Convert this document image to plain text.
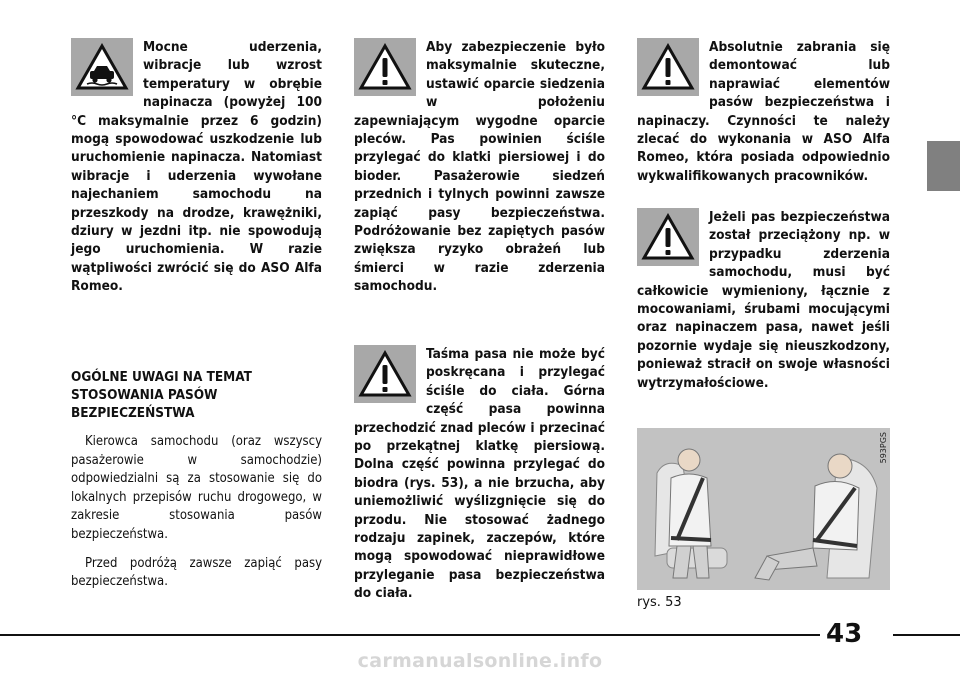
Mocne uderzenia, wibracje lub wzrost temperatury w obrębie napinacza (powyżej 100 °C maksymalnie przez 6 godzin) mogą spowodować uszkodzenie lub uruchomienie napinacza. Natomiast wibracje i uderzenia wywołane najechaniem samochodu na przeszkody na drodze, krawężniki, dziury w jezdni itp. nie spowodują jego uruchomienia. W razie wątpliwości zwrócić się do ASO Alfa Romeo.

OGÓLNE UWAGI NA TEMAT STOSOWANIA PASÓW BEZPIECZEŃSTWA

Kierowca samochodu (oraz wszyscy pasażerowie w samochodzie) odpowiedzialni są za stosowanie się do lokalnych przepisów ruchu drogowego, w zakresie stosowania pasów bezpieczeństwa.

Przed podróżą zawsze zapiąć pasy bezpieczeństwa.

Aby zabezpieczenie było maksymalnie skuteczne, ustawić oparcie siedzenia w położeniu zapewniającym wygodne oparcie pleców. Pas powinien ściśle przylegać do klatki piersiowej i do bioder. Pasażerowie siedzeń przednich i tylnych powinni zawsze zapiąć pasy bezpieczeństwa. Podróżowanie bez zapiętych pasów zwiększa ryzyko obrażeń lub śmierci w razie zderzenia samochodu.

Taśma pasa nie może być poskręcana i przylegać ściśle do ciała. Górna część pasa powinna przechodzić znad pleców i przecinać po przekątnej klatkę piersiową. Dolna część powinna przylegać do biodra (rys. 53), a nie brzucha, aby uniemożliwić wyślizgnięcie się do przodu. Nie stosować żadnego rodzaju zapinek, zaczepów, które mogą spowodować nieprawidłowe przyleganie pasa bezpieczeństwa do ciała.

Absolutnie zabrania się demontować lub naprawiać elementów pasów bezpieczeństwa i napinaczy. Czynności te należy zlecać do wykonania w ASO Alfa Romeo, która posiada odpowiednio wykwalifikowanych pracowników.

Jeżeli pas bezpieczeństwa został przeciążony np. w przypadku zderzenia samochodu, musi być całkowicie wymieniony, łącznie z mocowaniami, śrubami mocującymi oraz napinaczem pasa, nawet jeśli pozornie wydaje się nieuszkodzony, ponieważ stracił on swoje własności wytrzymałościowe.

593PGS
rys. 53
43
carmanualsonline.info
